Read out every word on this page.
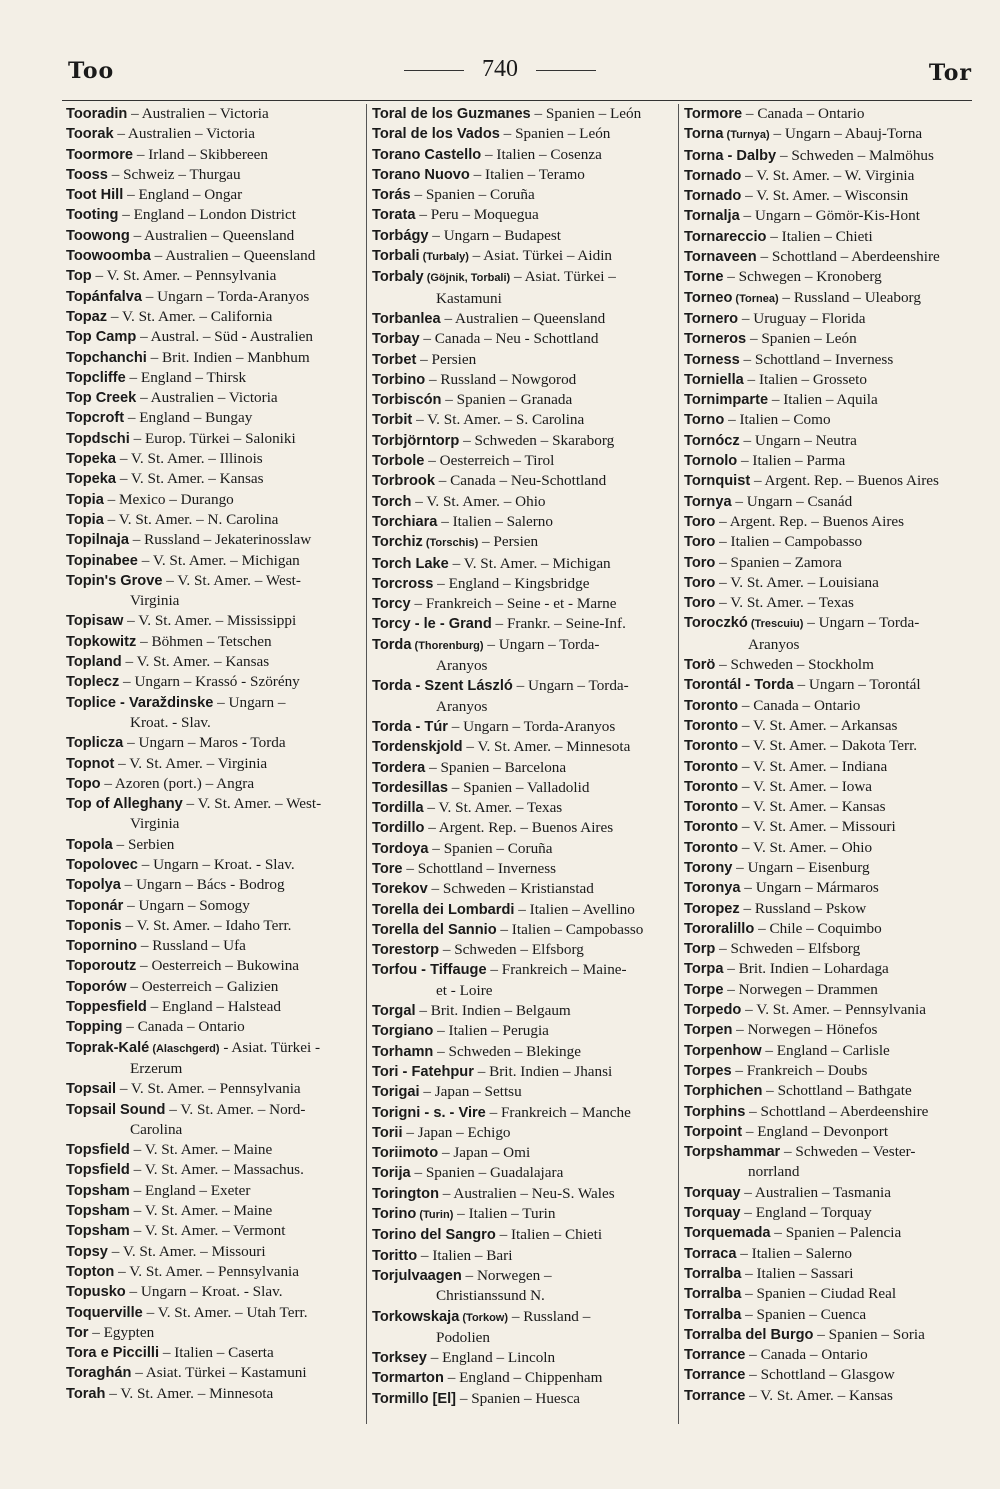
Too	740	Tor
Tooradin – Australien – Victoria
Toorak – Australien – Victoria
Toormore – Irland – Skibbereen
Tooss – Schweiz – Thurgau
Toot Hill – England – Ongar
Tooting – England – London District
Toowong – Australien – Queensland
Toowoomba – Australien – Queensland
Top – V. St. Amer. – Pennsylvania
Topánfalva – Ungarn – Torda-Aranyos
Topaz – V. St. Amer. – California
Top Camp – Austral. – Süd - Australien
Topchanchi – Brit. Indien – Manbhum
Topcliffe – England – Thirsk
Top Creek – Australien – Victoria
Topcroft – England – Bungay
Topdschi – Europ. Türkei – Saloniki
Topeka – V. St. Amer. – Illinois
Topeka – V. St. Amer. – Kansas
Topia – Mexico – Durango
Topia – V. St. Amer. – N. Carolina
Topilnaja – Russland – Jekaterinosslaw
Topinabee – V. St. Amer. – Michigan
Topin's Grove – V. St. Amer. – West-
Virginia
Topisaw – V. St. Amer. – Mississippi
Topkowitz – Böhmen – Tetschen
Topland – V. St. Amer. – Kansas
Toplecz – Ungarn – Krassó - Szörény
Toplice - Varaždinske – Ungarn –
Kroat. - Slav.
Toplicza – Ungarn – Maros - Torda
Topnot – V. St. Amer. – Virginia
Topo – Azoren (port.) – Angra
Top of Alleghany – V. St. Amer. – West-
Virginia
Topola – Serbien
Topolovec – Ungarn – Kroat. - Slav.
Topolya – Ungarn – Bács - Bodrog
Toponár – Ungarn – Somogy
Toponis – V. St. Amer. – Idaho Terr.
Topornino – Russland – Ufa
Toporoutz – Oesterreich – Bukowina
Toporów – Oesterreich – Galizien
Toppesfield – England – Halstead
Topping – Canada – Ontario
Toprak-Kalé (Alaschgerd) - Asiat. Türkei -
Erzerum
Topsail – V. St. Amer. – Pennsylvania
Topsail Sound – V. St. Amer. – Nord-
Carolina
Topsfield – V. St. Amer. – Maine
Topsfield – V. St. Amer. – Massachus.
Topsham – England – Exeter
Topsham – V. St. Amer. – Maine
Topsham – V. St. Amer. – Vermont
Topsy – V. St. Amer. – Missouri
Topton – V. St. Amer. – Pennsylvania
Topusko – Ungarn – Kroat. - Slav.
Toquerville – V. St. Amer. – Utah Terr.
Tor – Egypten
Tora e Piccilli – Italien – Caserta
Toraghán – Asiat. Türkei – Kastamuni
Torah – V. St. Amer. – Minnesota
Toral de los Guzmanes – Spanien – León
Toral de los Vados – Spanien – León
Torano Castello – Italien – Cosenza
Torano Nuovo – Italien – Teramo
Torás – Spanien – Coruña
Torata – Peru – Moquegua
Torbágy – Ungarn – Budapest
Torbali (Turbaly) – Asiat. Türkei – Aidin
Torbaly (Göjnik, Torbali) – Asiat. Türkei –
Kastamuni
Torbanlea – Australien – Queensland
Torbay – Canada – Neu - Schottland
Torbet – Persien
Torbino – Russland – Nowgorod
Torbiscón – Spanien – Granada
Torbit – V. St. Amer. – S. Carolina
Torbjörntorp – Schweden – Skaraborg
Torbole – Oesterreich – Tirol
Torbrook – Canada – Neu-Schottland
Torch – V. St. Amer. – Ohio
Torchiara – Italien – Salerno
Torchiz (Torschis) – Persien
Torch Lake – V. St. Amer. – Michigan
Torcross – England – Kingsbridge
Torcy – Frankreich – Seine - et - Marne
Torcy - le - Grand – Frankr. – Seine-Inf.
Torda (Thorenburg) – Ungarn – Torda-
Aranyos
Torda - Szent László – Ungarn – Torda-
Aranyos
Torda - Túr – Ungarn – Torda-Aranyos
Tordenskjold – V. St. Amer. – Minnesota
Tordera – Spanien – Barcelona
Tordesillas – Spanien – Valladolid
Tordilla – V. St. Amer. – Texas
Tordillo – Argent. Rep. – Buenos Aires
Tordoya – Spanien – Coruña
Tore – Schottland – Inverness
Torekov – Schweden – Kristianstad
Torella dei Lombardi – Italien – Avellino
Torella del Sannio – Italien – Campobasso
Torestorp – Schweden – Elfsborg
Torfou - Tiffauge – Frankreich – Maine-
et - Loire
Torgal – Brit. Indien – Belgaum
Torgiano – Italien – Perugia
Torhamn – Schweden – Blekinge
Tori - Fatehpur – Brit. Indien – Jhansi
Torigai – Japan – Settsu
Torigni - s. - Vire – Frankreich – Manche
Torii – Japan – Echigo
Toriimoto – Japan – Omi
Torija – Spanien – Guadalajara
Torington – Australien – Neu-S. Wales
Torino (Turin) – Italien – Turin
Torino del Sangro – Italien – Chieti
Toritto – Italien – Bari
Torjulvaagen – Norwegen –
Christianssund N.
Torkowskaja (Torkow) – Russland –
Podolien
Torksey – England – Lincoln
Tormarton – England – Chippenham
Tormillo [El] – Spanien – Huesca
Tormore – Canada – Ontario
Torna (Turnya) – Ungarn – Abauj-Torna
Torna - Dalby – Schweden – Malmöhus
Tornado – V. St. Amer. – W. Virginia
Tornado – V. St. Amer. – Wisconsin
Tornalja – Ungarn – Gömör-Kis-Hont
Tornareccio – Italien – Chieti
Tornaveen – Schottland – Aberdeenshire
Torne – Schwegen – Kronoberg
Torneo (Tornea) – Russland – Uleaborg
Tornero – Uruguay – Florida
Torneros – Spanien – León
Torness – Schottland – Inverness
Torniella – Italien – Grosseto
Tornimparte – Italien – Aquila
Torno – Italien – Como
Tornócz – Ungarn – Neutra
Tornolo – Italien – Parma
Tornquist – Argent. Rep. – Buenos Aires
Tornya – Ungarn – Csanád
Toro – Argent. Rep. – Buenos Aires
Toro – Italien – Campobasso
Toro – Spanien – Zamora
Toro – V. St. Amer. – Louisiana
Toro – V. St. Amer. – Texas
Toroczkó (Trescuiu) – Ungarn – Torda-
Aranyos
Torö – Schweden – Stockholm
Torontál - Torda – Ungarn – Torontál
Toronto – Canada – Ontario
Toronto – V. St. Amer. – Arkansas
Toronto – V. St. Amer. – Dakota Terr.
Toronto – V. St. Amer. – Indiana
Toronto – V. St. Amer. – Iowa
Toronto – V. St. Amer. – Kansas
Toronto – V. St. Amer. – Missouri
Toronto – V. St. Amer. – Ohio
Torony – Ungarn – Eisenburg
Toronya – Ungarn – Mármaros
Toropez – Russland – Pskow
Tororalillo – Chile – Coquimbo
Torp – Schweden – Elfsborg
Torpa – Brit. Indien – Lohardaga
Torpe – Norwegen – Drammen
Torpedo – V. St. Amer. – Pennsylvania
Torpen – Norwegen – Hönefos
Torpenhow – England – Carlisle
Torpes – Frankreich – Doubs
Torphichen – Schottland – Bathgate
Torphins – Schottland – Aberdeenshire
Torpoint – England – Devonport
Torpshammar – Schweden – Vester-
norrland
Torquay – Australien – Tasmania
Torquay – England – Torquay
Torquemada – Spanien – Palencia
Torraca – Italien – Salerno
Torralba – Italien – Sassari
Torralba – Spanien – Ciudad Real
Torralba – Spanien – Cuenca
Torralba del Burgo – Spanien – Soria
Torrance – Canada – Ontario
Torrance – Schottland – Glasgow
Torrance – V. St. Amer. – Kansas
